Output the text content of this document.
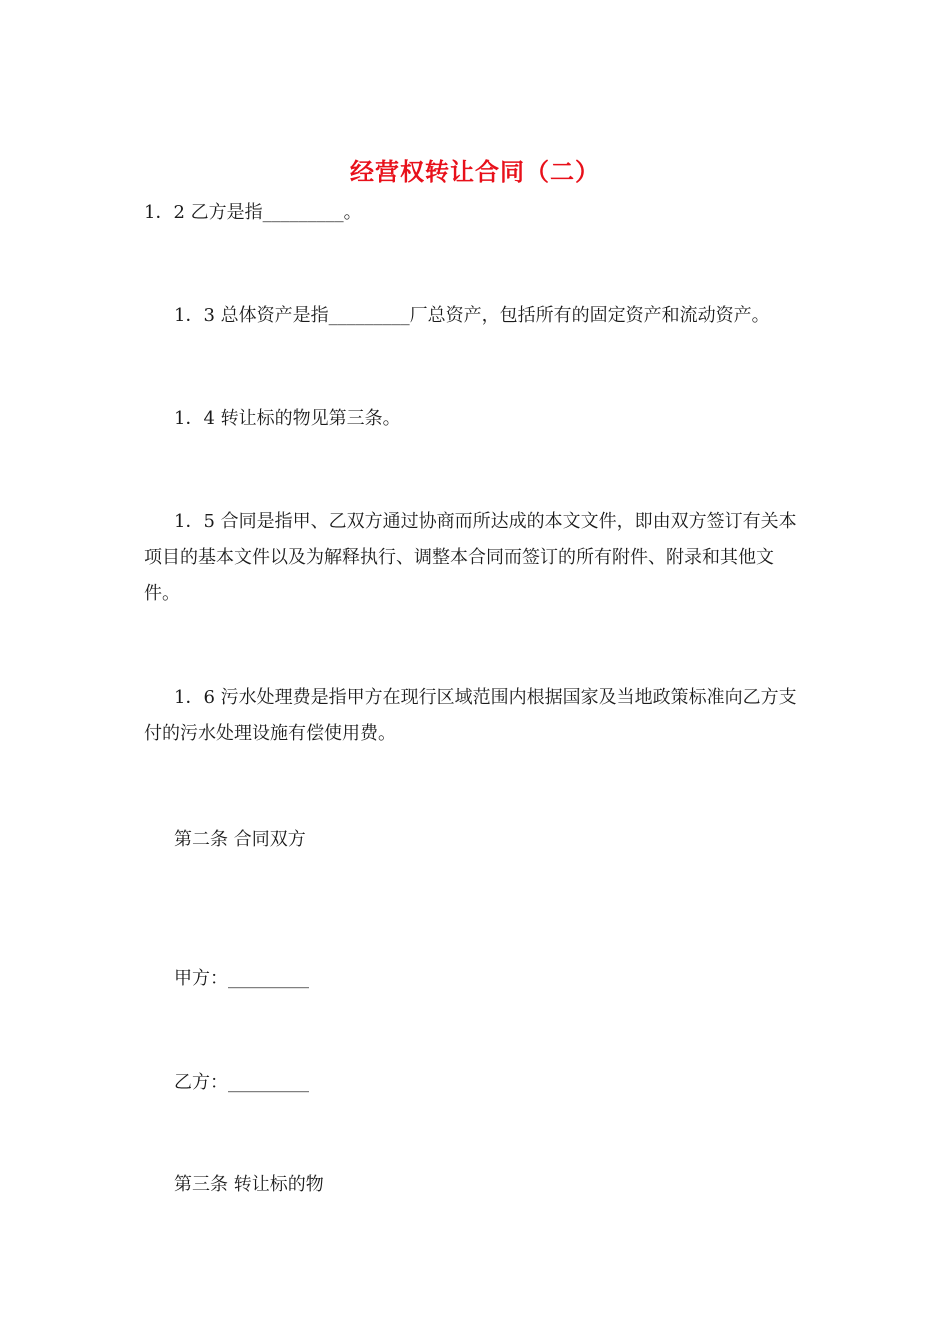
经营权转让合同（二）

1．2 乙方是指_________。

1．3 总体资产是指_________厂总资产，包括所有的固定资产和流动资产。

1．4 转让标的物见第三条。

1．5 合同是指甲、乙双方通过协商而所达成的本文文件，即由双方签订有关本项目的基本文件以及为解释执行、调整本合同而签订的所有附件、附录和其他文件。

1．6 污水处理费是指甲方在现行区域范围内根据国家及当地政策标准向乙方支付的污水处理设施有偿使用费。

第二条 合同双方

甲方：_________

乙方：_________

第三条 转让标的物
